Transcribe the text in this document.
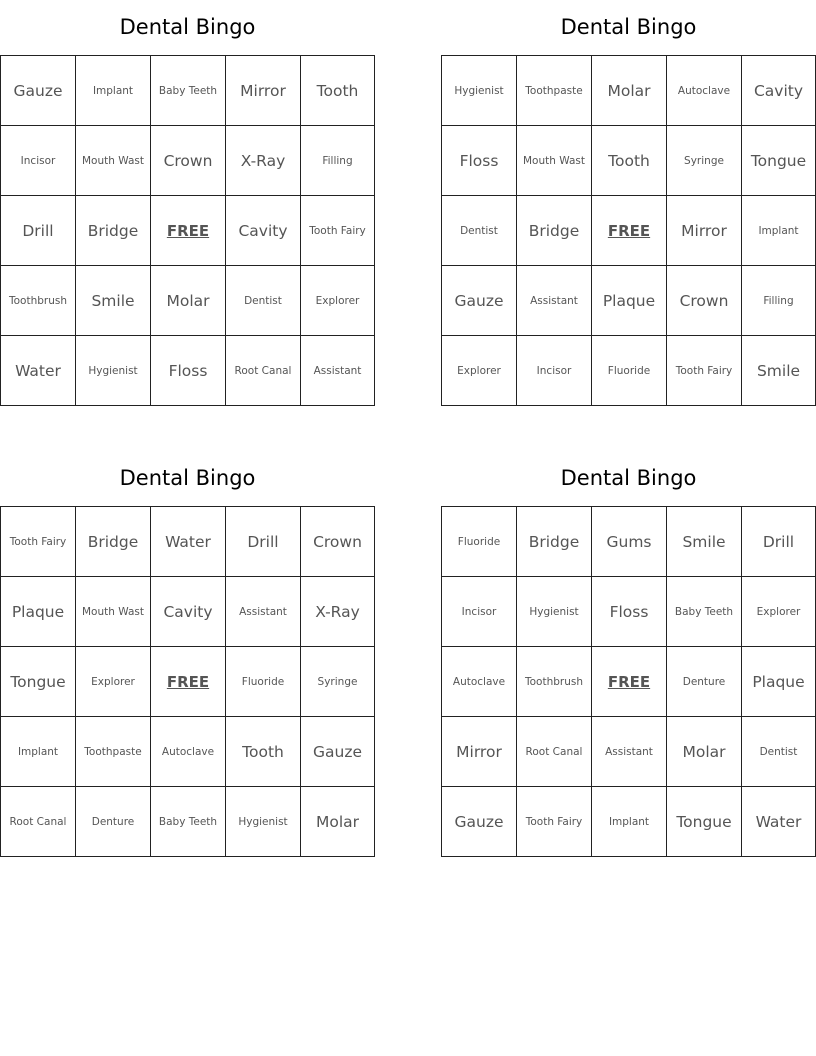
Dental Bingo
Gauze	Implant	Baby Teeth	Mirror	Tooth
Incisor	Mouth Wast	Crown	X-Ray	Filling
Drill	Bridge	FREE	Cavity	Tooth Fairy
Toothbrush	Smile	Molar	Dentist	Explorer
Water	Hygienist	Floss	Root Canal	Assistant
Dental Bingo
Hygienist	Toothpaste	Molar	Autoclave	Cavity
Floss	Mouth Wast	Tooth	Syringe	Tongue
Dentist	Bridge	FREE	Mirror	Implant
Gauze	Assistant	Plaque	Crown	Filling
Explorer	Incisor	Fluoride	Tooth Fairy	Smile
Dental Bingo
Tooth Fairy	Bridge	Water	Drill	Crown
Plaque	Mouth Wast	Cavity	Assistant	X-Ray
Tongue	Explorer	FREE	Fluoride	Syringe
Implant	Toothpaste	Autoclave	Tooth	Gauze
Root Canal	Denture	Baby Teeth	Hygienist	Molar
Dental Bingo
Fluoride	Bridge	Gums	Smile	Drill
Incisor	Hygienist	Floss	Baby Teeth	Explorer
Autoclave	Toothbrush	FREE	Denture	Plaque
Mirror	Root Canal	Assistant	Molar	Dentist
Gauze	Tooth Fairy	Implant	Tongue	Water
